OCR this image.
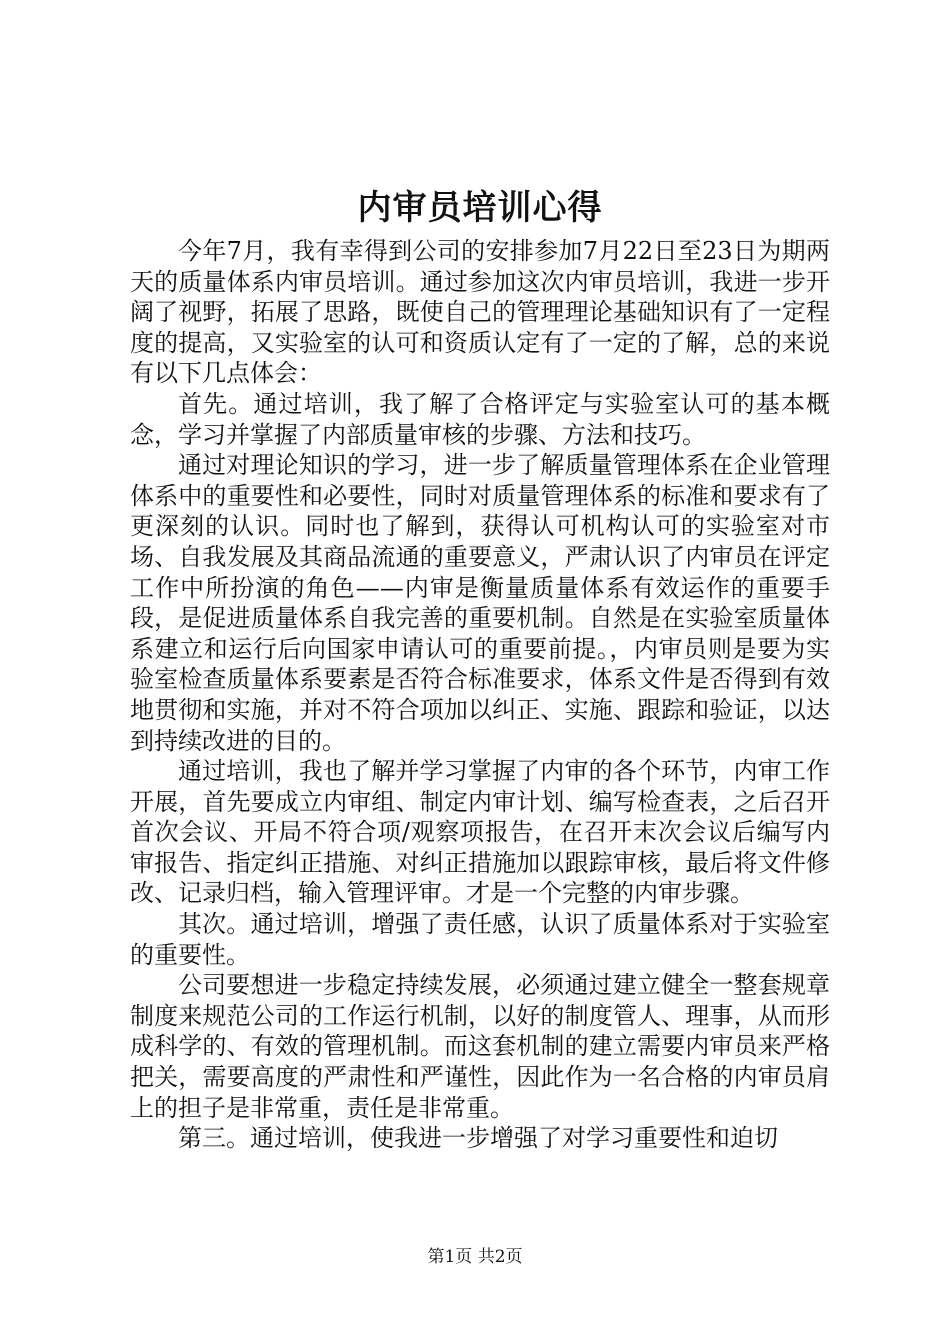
内审员培训心得

今年7月，我有幸得到公司的安排参加7月22日至23日为期两天的质量体系内审员培训。通过参加这次内审员培训，我进一步开阔了视野，拓展了思路，既使自己的管理理论基础知识有了一定程度的提高，又实验室的认可和资质认定有了一定的了解，总的来说有以下几点体会：

首先。通过培训，我了解了合格评定与实验室认可的基本概念，学习并掌握了内部质量审核的步骤、方法和技巧。

通过对理论知识的学习，进一步了解质量管理体系在企业管理体系中的重要性和必要性，同时对质量管理体系的标准和要求有了更深刻的认识。同时也了解到，获得认可机构认可的实验室对市场、自我发展及其商品流通的重要意义，严肃认识了内审员在评定工作中所扮演的角色——内审是衡量质量体系有效运作的重要手段，是促进质量体系自我完善的重要机制。自然是在实验室质量体系建立和运行后向国家申请认可的重要前提。，内审员则是要为实验室检查质量体系要素是否符合标准要求，体系文件是否得到有效地贯彻和实施，并对不符合项加以纠正、实施、跟踪和验证，以达到持续改进的目的。

通过培训，我也了解并学习掌握了内审的各个环节，内审工作开展，首先要成立内审组、制定内审计划、编写检查表，之后召开首次会议、开局不符合项/观察项报告，在召开末次会议后编写内审报告、指定纠正措施、对纠正措施加以跟踪审核，最后将文件修改、记录归档，输入管理评审。才是一个完整的内审步骤。

其次。通过培训，增强了责任感，认识了质量体系对于实验室的重要性。

公司要想进一步稳定持续发展，必须通过建立健全一整套规章制度来规范公司的工作运行机制，以好的制度管人、理事，从而形成科学的、有效的管理机制。而这套机制的建立需要内审员来严格把关，需要高度的严肃性和严谨性，因此作为一名合格的内审员肩上的担子是非常重，责任是非常重。

第三。通过培训，使我进一步增强了对学习重要性和迫切

第1页 共2页
